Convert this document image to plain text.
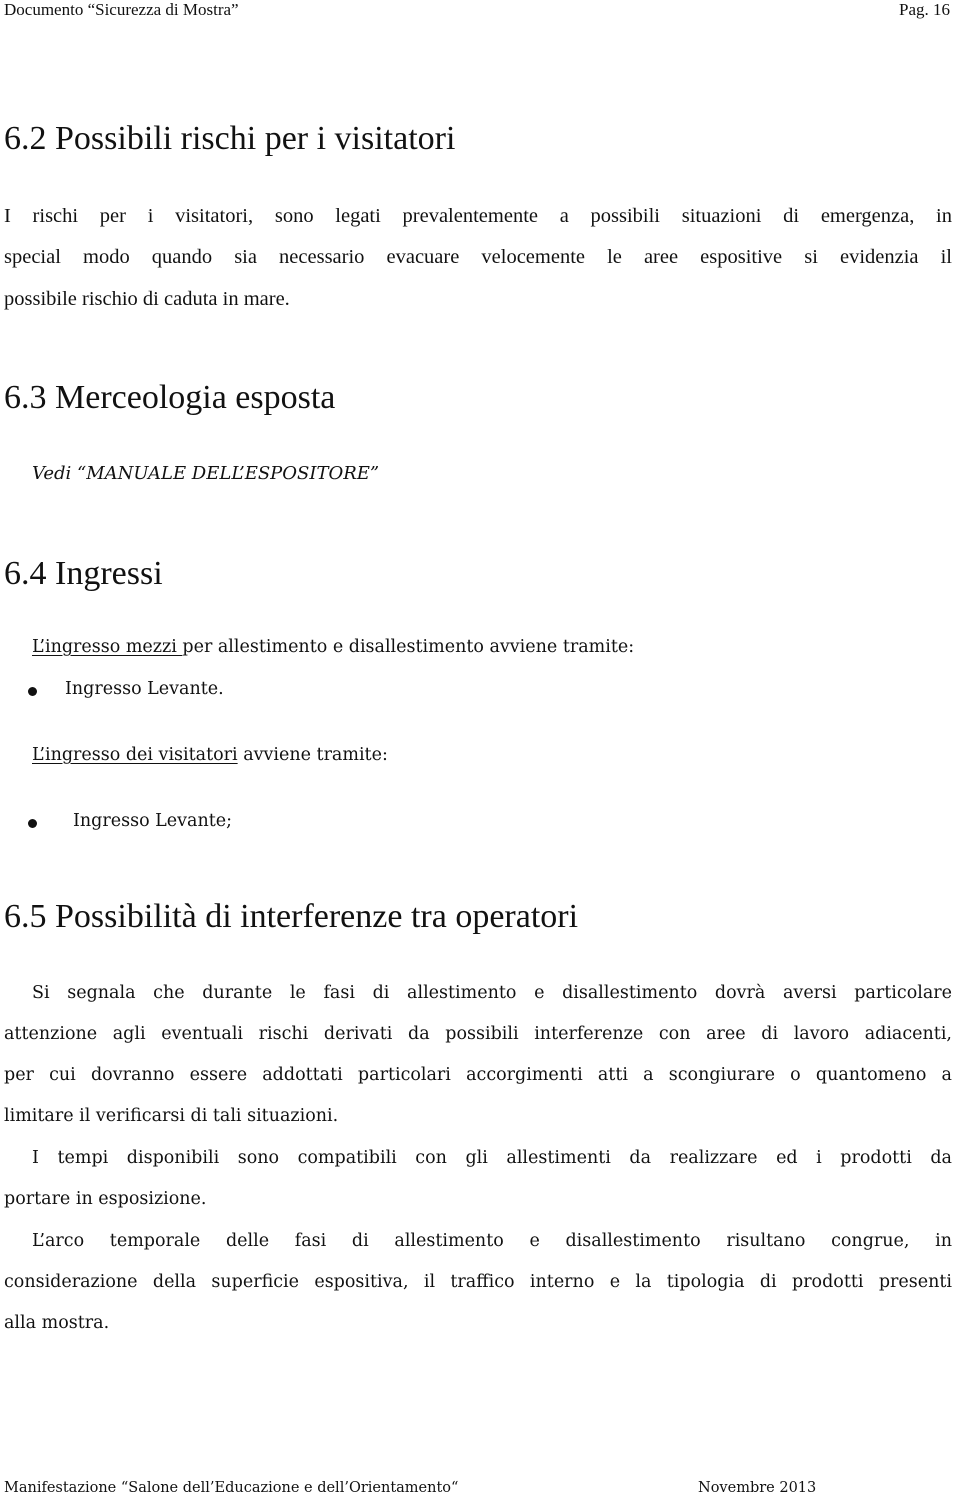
Documento “Sicurezza di Mostra”	Pag. 16
6.2 Possibili rischi per i visitatori
I rischi per i visitatori, sono legati prevalentemente a possibili situazioni di emergenza, in
special modo quando sia necessario evacuare velocemente le aree espositive si evidenzia il
possibile rischio di caduta in mare.
6.3 Merceologia esposta
Vedi “MANUALE DELL’ESPOSITORE”
6.4 Ingressi
L’ingresso mezzi per allestimento e disallestimento avviene tramite:
Ingresso Levante.
L’ingresso dei visitatori avviene tramite:
Ingresso Levante;
6.5 Possibilità di interferenze tra operatori
Si segnala che durante le fasi di allestimento e disallestimento dovrà aversi particolare
attenzione agli eventuali rischi derivati da possibili interferenze con aree di lavoro adiacenti,
per cui dovranno essere addottati particolari accorgimenti atti a scongiurare o quantomeno a
limitare il verificarsi di tali situazioni.
I tempi disponibili sono compatibili con gli allestimenti da realizzare ed i prodotti da
portare in esposizione.
L’arco temporale delle fasi di allestimento e disallestimento risultano congrue, in
considerazione della superficie espositiva, il traffico interno e la tipologia di prodotti presenti
alla mostra.
Manifestazione “Salone dell’Educazione e dell’Orientamento“	Novembre 2013
